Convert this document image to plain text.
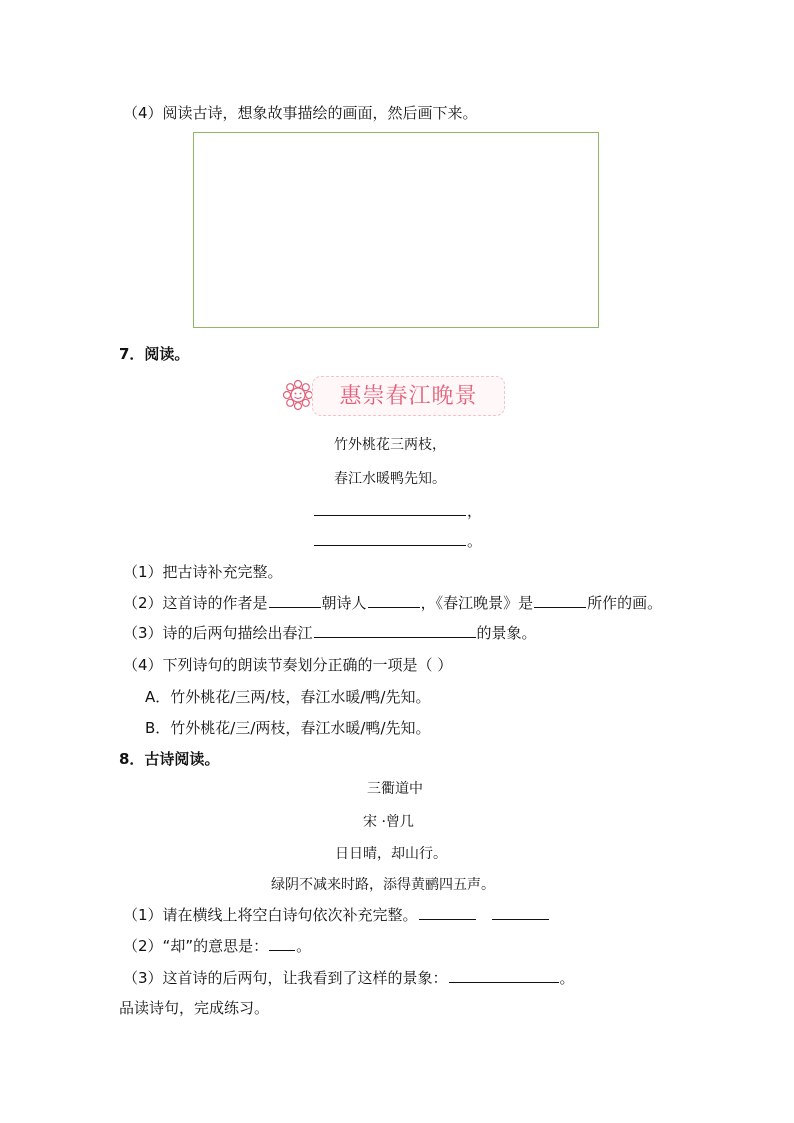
（4）阅读古诗，想象故事描绘的画面，然后画下来。
7．阅读。
惠崇春江晚景
竹外桃花三两枝，
春江水暖鸭先知。
，
。
（1）把古诗补充完整。
（2）这首诗的作者是	朝诗人	，《春江晚景》是	所作的画。
（3）诗的后两句描绘出春江	的景象。
（4）下列诗句的朗读节奏划分正确的一项是（ ）
A．竹外桃花/三两/枝，春江水暖/鸭/先知。
B．竹外桃花/三/两枝，春江水暖/鸭/先知。
8．古诗阅读。
三衢道中
宋 ·曾几
日日晴，却山行。
绿阴不减来时路，添得黄鹂四五声。
（1）请在横线上将空白诗句依次补充完整。
（2）“却”的意思是： 。
（3）这首诗的后两句，让我看到了这样的景象：	。
品读诗句，完成练习。
